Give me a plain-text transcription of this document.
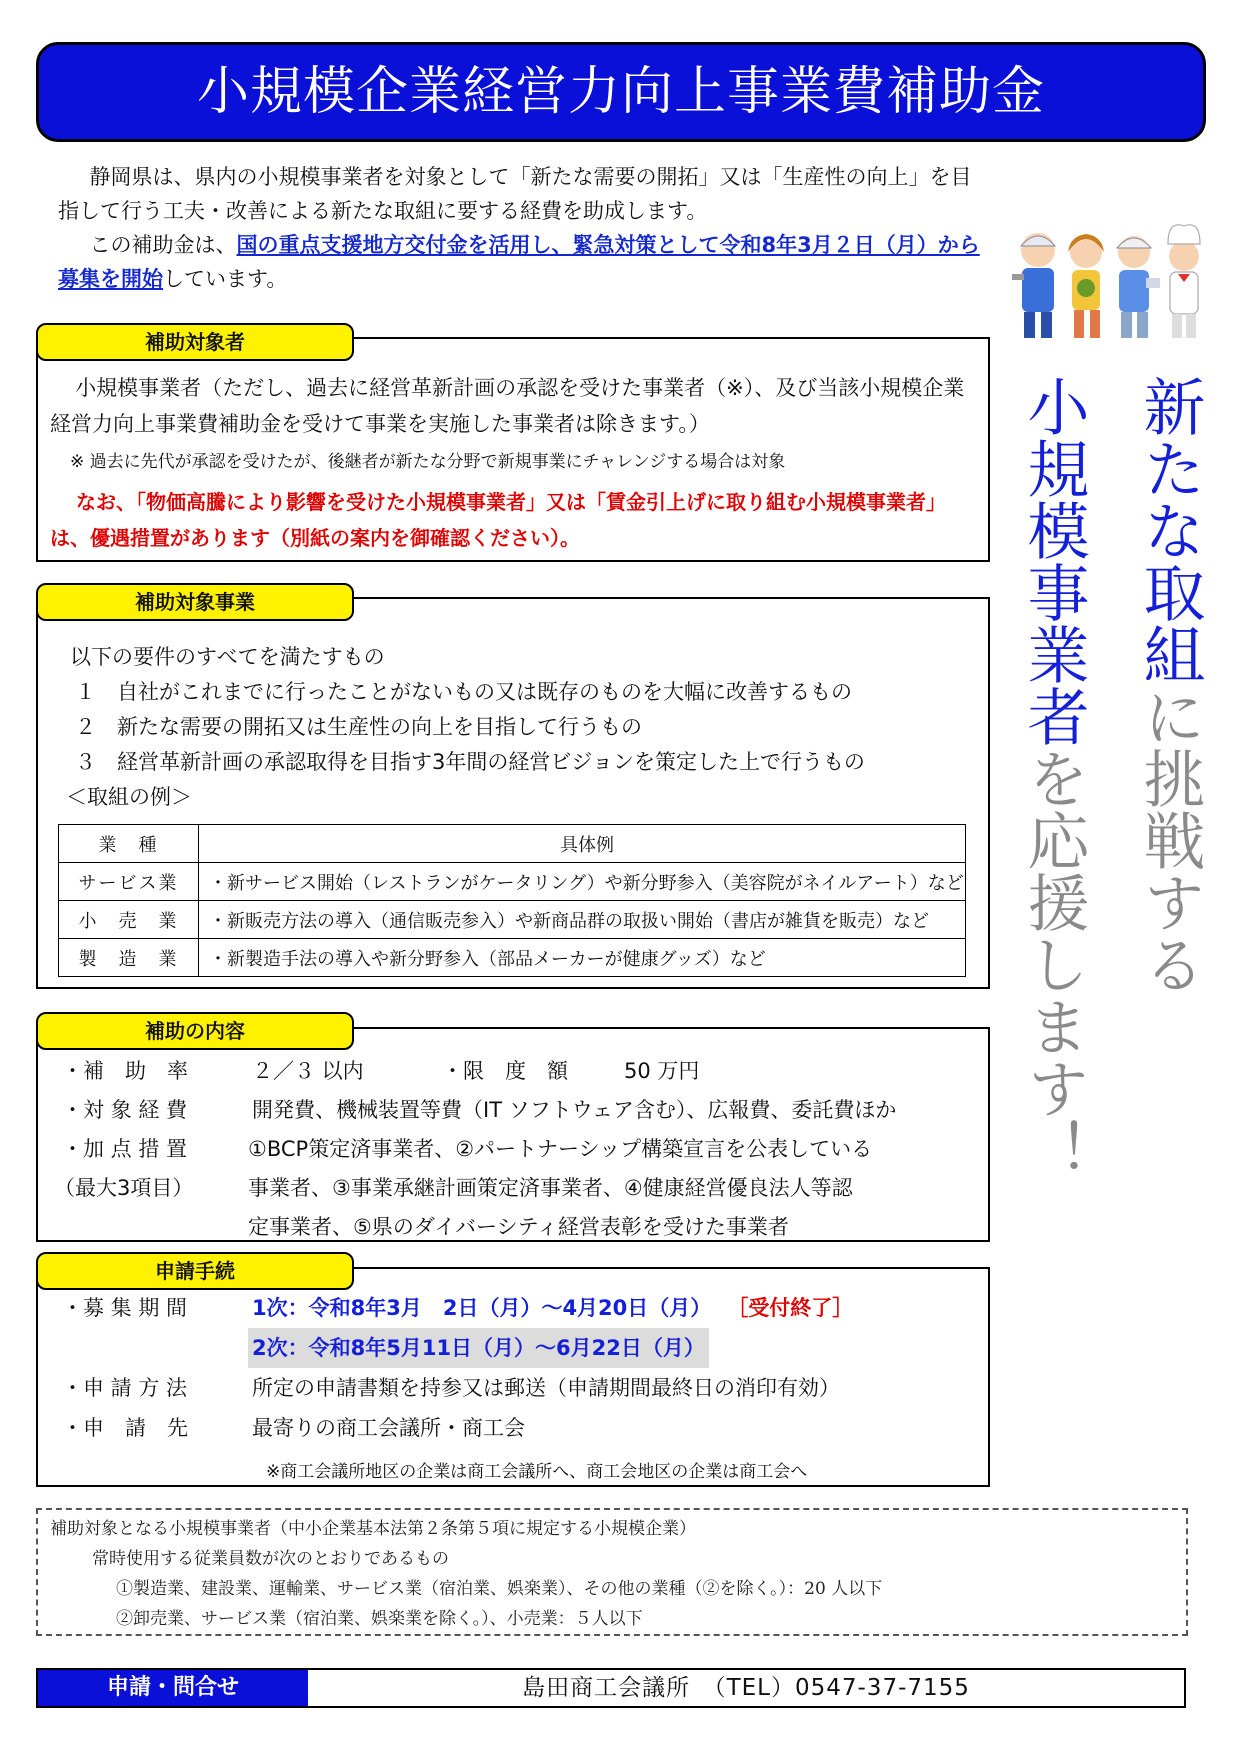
小規模企業経営力向上事業費補助金

静岡県は、県内の小規模事業者を対象として「新たな需要の開拓」又は「生産性の向上」を目指して行う工夫・改善による新たな取組に要する経費を助成します。

この補助金は、国の重点支援地方交付金を活用し、緊急対策として令和8年3月２日（月）から募集を開始しています。

新たな取組に挑戦する
小規模事業者を応援します！
補助対象者

小規模事業者（ただし、過去に経営革新計画の承認を受けた事業者（※）、及び当該小規模企業経営力向上事業費補助金を受けて事業を実施した事業者は除きます。）

※ 過去に先代が承認を受けたが、後継者が新たな分野で新規事業にチャレンジする場合は対象
なお、「物価高騰により影響を受けた小規模事業者」又は「賃金引上げに取り組む小規模事業者」は、優遇措置があります（別紙の案内を御確認ください）。
補助対象事業
以下の要件のすべてを満たすもの
１　自社がこれまでに行ったことがないもの又は既存のものを大幅に改善するもの
２　新たな需要の開拓又は生産性の向上を目指して行うもの
３　経営革新計画の承認取得を目指す3年間の経営ビジョンを策定した上で行うもの
＜取組の例＞
業　種	具体例
サービス業	・新サービス開始（レストランがケータリング）や新分野参入（美容院がネイルアート）など
小　売　業	・新販売方法の導入（通信販売参入）や新商品群の取扱い開始（書店が雑貨を販売）など
製　造　業	・新製造手法の導入や新分野参入（部品メーカーが健康グッズ）など
補助の内容
・補　助　率	２／３ 以内	・限　度　額	50 万円
・対 象 経 費	開発費、機械装置等費（IT ソフトウェア含む）、広報費、委託費ほか
・加 点 措 置	①BCP策定済事業者、②パートナーシップ構築宣言を公表している
（最大3項目）	事業者、③事業承継計画策定済事業者、④健康経営優良法人等認
定事業者、⑤県のダイバーシティ経営表彰を受けた事業者
申請手続
・募 集 期 間	1次：令和8年3月　2日（月）～4月20日（月） ［受付終了］
2次：令和8年5月11日（月）～6月22日（月）
・申 請 方 法	所定の申請書類を持参又は郵送（申請期間最終日の消印有効）
・申　請　先	最寄りの商工会議所・商工会
※商工会議所地区の企業は商工会議所へ、商工会地区の企業は商工会へ
補助対象となる小規模事業者（中小企業基本法第２条第５項に規定する小規模企業）
常時使用する従業員数が次のとおりであるもの
①製造業、建設業、運輸業、サービス業（宿泊業、娯楽業）、その他の業種（②を除く。）：20 人以下
②卸売業、サービス業（宿泊業、娯楽業を除く。）、小売業：５人以下
申請・問合せ	島田商工会議所　（TEL）0547-37-7155
